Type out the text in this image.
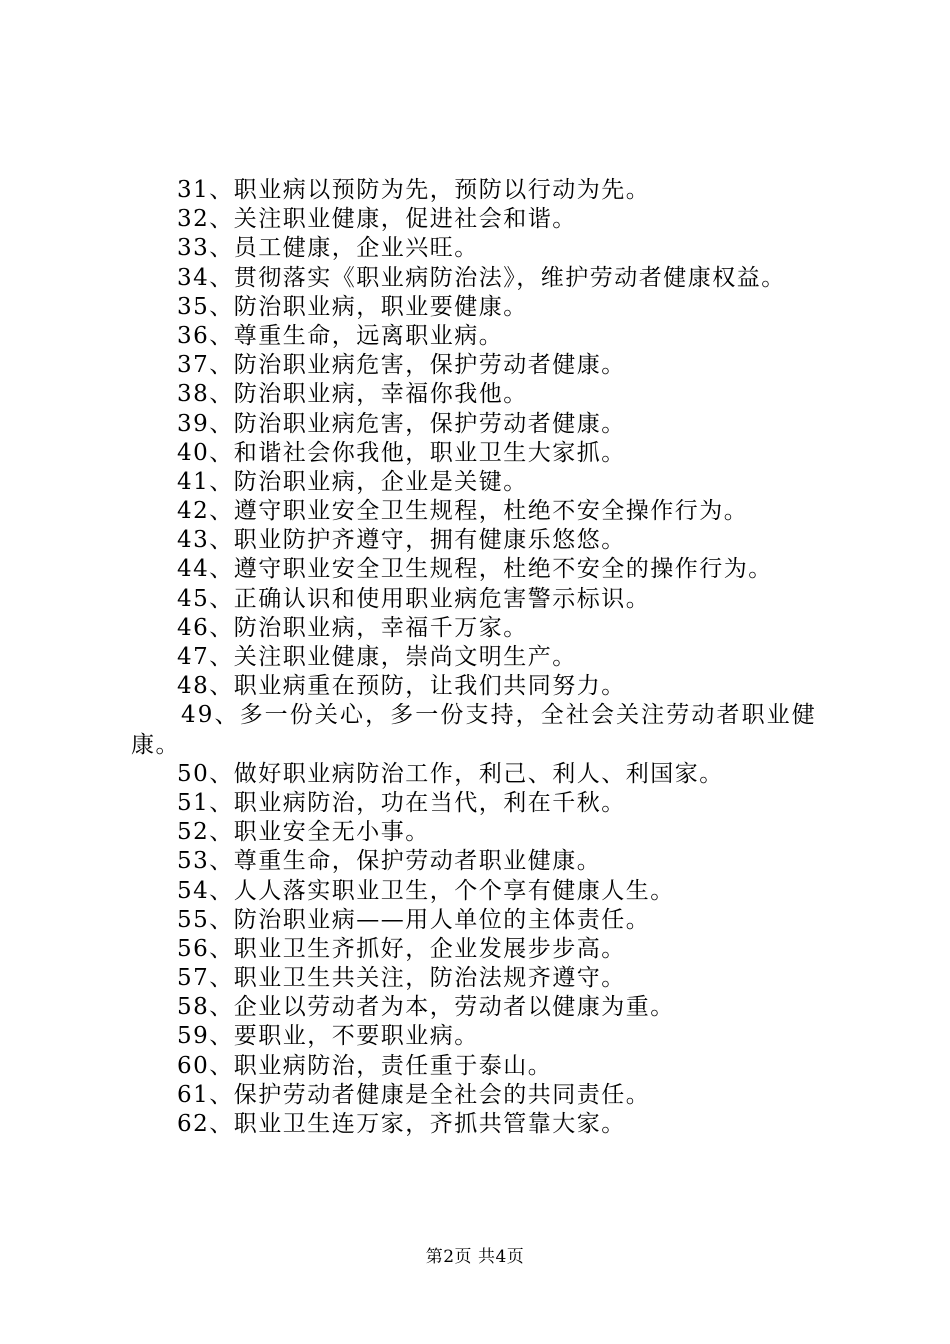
31、职业病以预防为先，预防以行动为先。
32、关注职业健康，促进社会和谐。
33、员工健康，企业兴旺。
34、贯彻落实《职业病防治法》，维护劳动者健康权益。
35、防治职业病，职业要健康。
36、尊重生命，远离职业病。
37、防治职业病危害，保护劳动者健康。
38、防治职业病，幸福你我他。
39、防治职业病危害，保护劳动者健康。
40、和谐社会你我他，职业卫生大家抓。
41、防治职业病，企业是关键。
42、遵守职业安全卫生规程，杜绝不安全操作行为。
43、职业防护齐遵守，拥有健康乐悠悠。
44、遵守职业安全卫生规程，杜绝不安全的操作行为。
45、正确认识和使用职业病危害警示标识。
46、防治职业病，幸福千万家。
47、关注职业健康，崇尚文明生产。
48、职业病重在预防，让我们共同努力。
49、多一份关心，多一份支持，全社会关注劳动者职业健
康。
50、做好职业病防治工作，利己、利人、利国家。
51、职业病防治，功在当代，利在千秋。
52、职业安全无小事。
53、尊重生命，保护劳动者职业健康。
54、人人落实职业卫生，个个享有健康人生。
55、防治职业病——用人单位的主体责任。
56、职业卫生齐抓好，企业发展步步高。
57、职业卫生共关注，防治法规齐遵守。
58、企业以劳动者为本，劳动者以健康为重。
59、要职业，不要职业病。
60、职业病防治，责任重于泰山。
61、保护劳动者健康是全社会的共同责任。
62、职业卫生连万家，齐抓共管靠大家。
第2页 共4页
